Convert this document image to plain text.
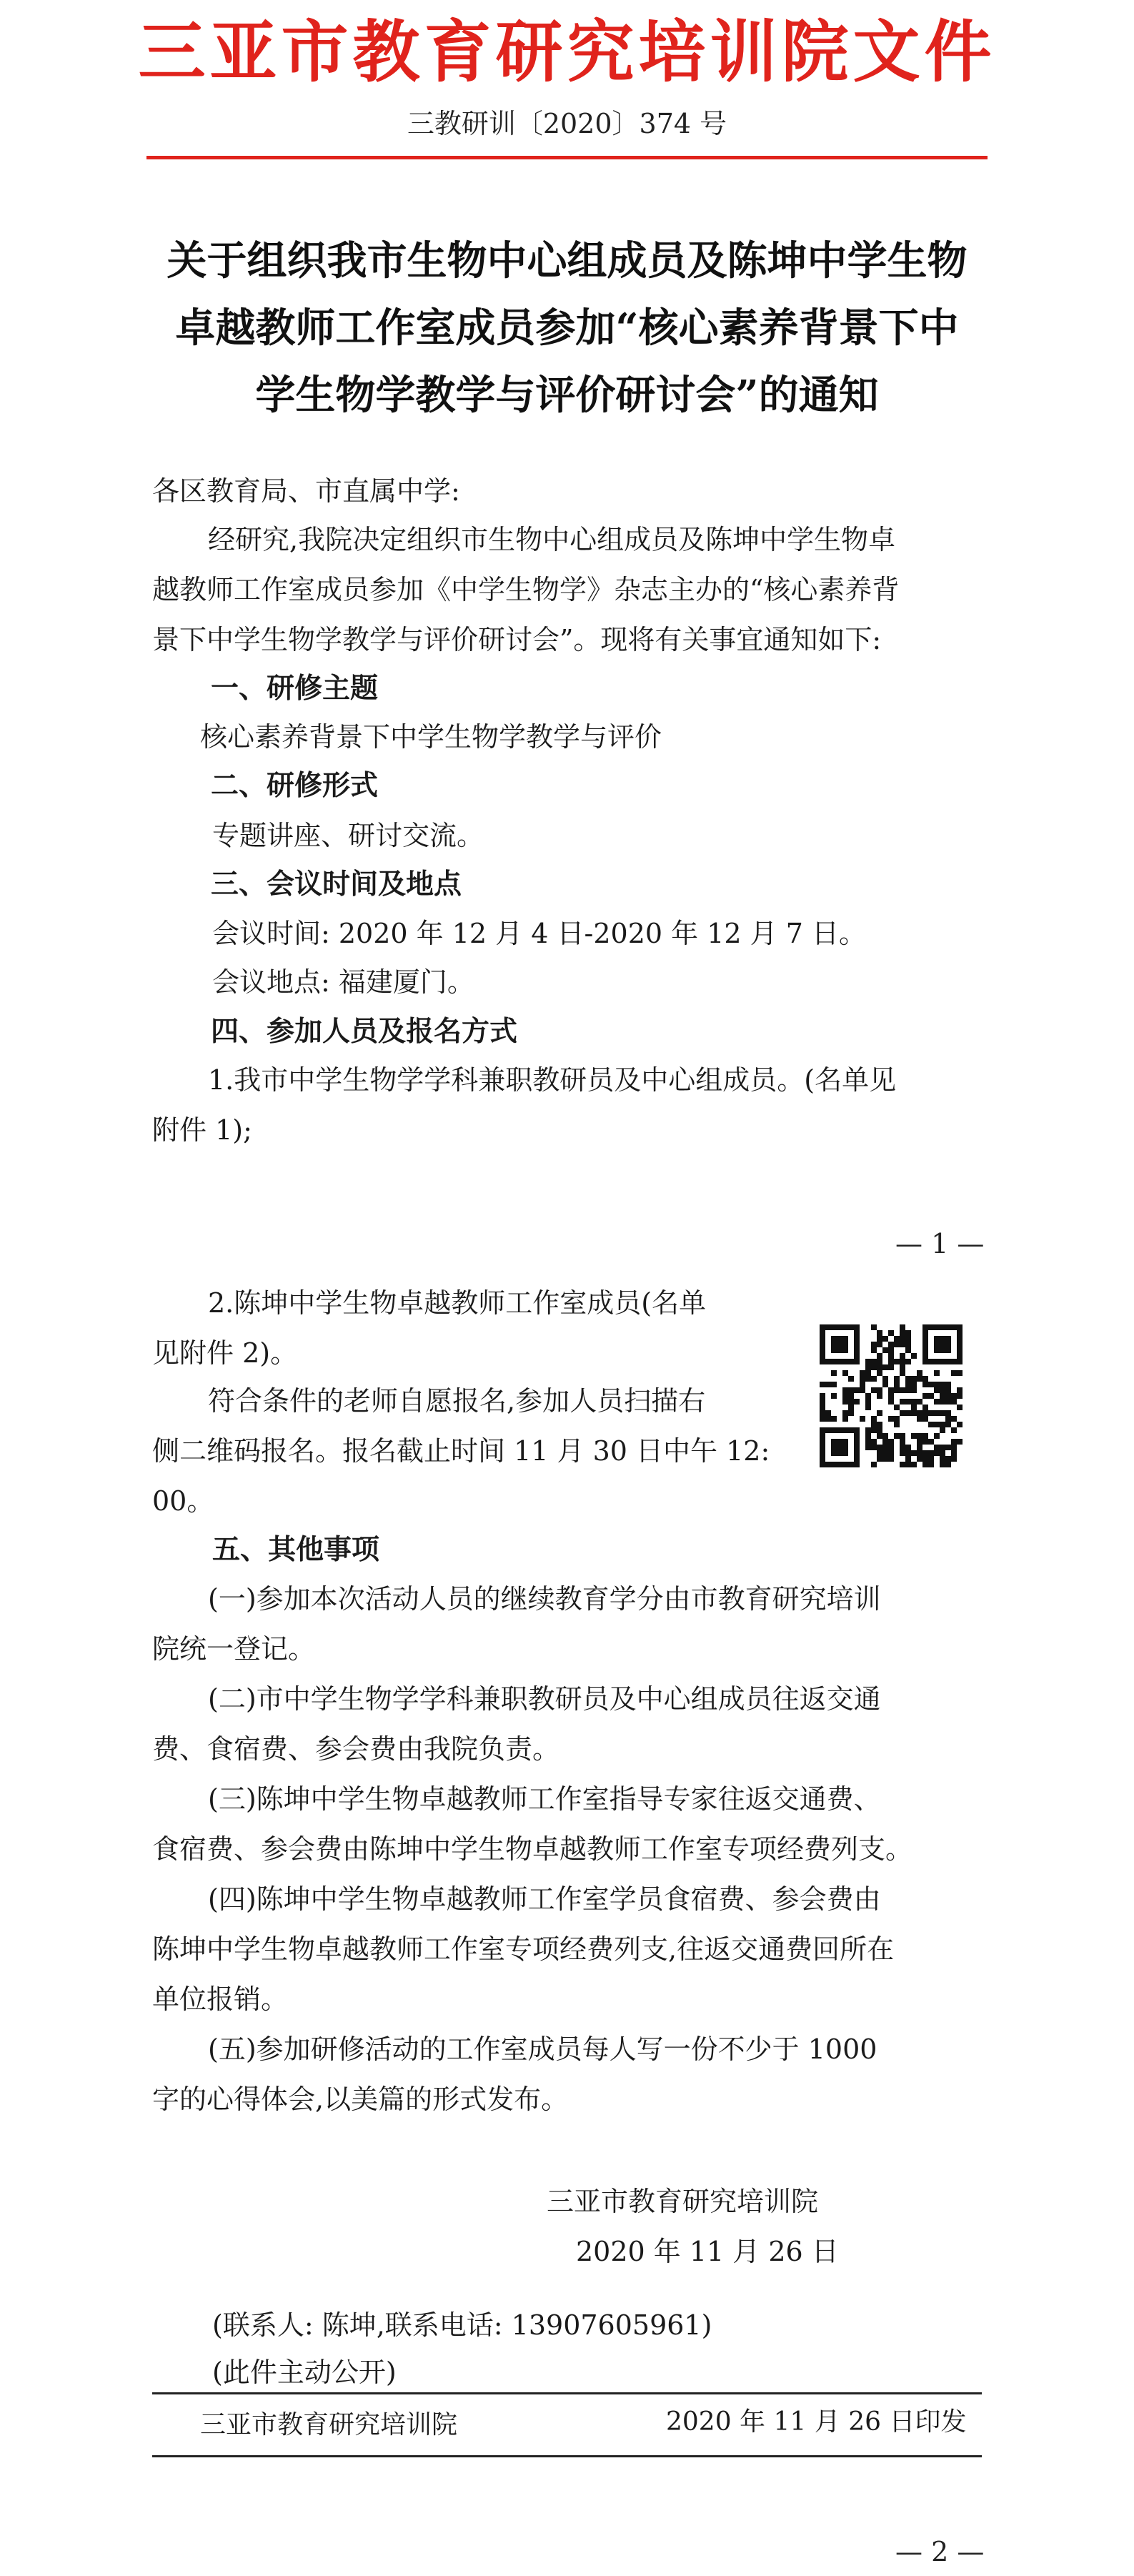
三亚市教育研究培训院文件
三教研训〔2020〕374 号
关于组织我市生物中心组成员及陈坤中学生物
卓越教师工作室成员参加“核心素养背景下中
学生物学教学与评价研讨会”的通知
各区教育局、市直属中学:
经研究,我院决定组织市生物中心组成员及陈坤中学生物卓
越教师工作室成员参加《中学生物学》杂志主办的“核心素养背
景下中学生物学教学与评价研讨会”。现将有关事宜通知如下:
一、研修主题
核心素养背景下中学生物学教学与评价
二、研修形式
专题讲座、研讨交流。
三、会议时间及地点
会议时间: 2020 年 12 月 4 日-2020 年 12 月 7 日。
会议地点: 福建厦门。
四、参加人员及报名方式
1.我市中学生物学学科兼职教研员及中心组成员。(名单见
附件 1);
— 1 —
2.陈坤中学生物卓越教师工作室成员(名单
见附件 2)。
符合条件的老师自愿报名,参加人员扫描右
侧二维码报名。报名截止时间 11 月 30 日中午 12:
00。
五、其他事项
(一)参加本次活动人员的继续教育学分由市教育研究培训
院统一登记。
(二)市中学生物学学科兼职教研员及中心组成员往返交通
费、食宿费、参会费由我院负责。
(三)陈坤中学生物卓越教师工作室指导专家往返交通费、
食宿费、参会费由陈坤中学生物卓越教师工作室专项经费列支。
(四)陈坤中学生物卓越教师工作室学员食宿费、参会费由
陈坤中学生物卓越教师工作室专项经费列支,往返交通费回所在
单位报销。
(五)参加研修活动的工作室成员每人写一份不少于 1000
字的心得体会,以美篇的形式发布。
三亚市教育研究培训院
2020 年 11 月 26 日
(联系人: 陈坤,联系电话: 13907605961)
(此件主动公开)
三亚市教育研究培训院	2020 年 11 月 26 日印发
— 2 —
